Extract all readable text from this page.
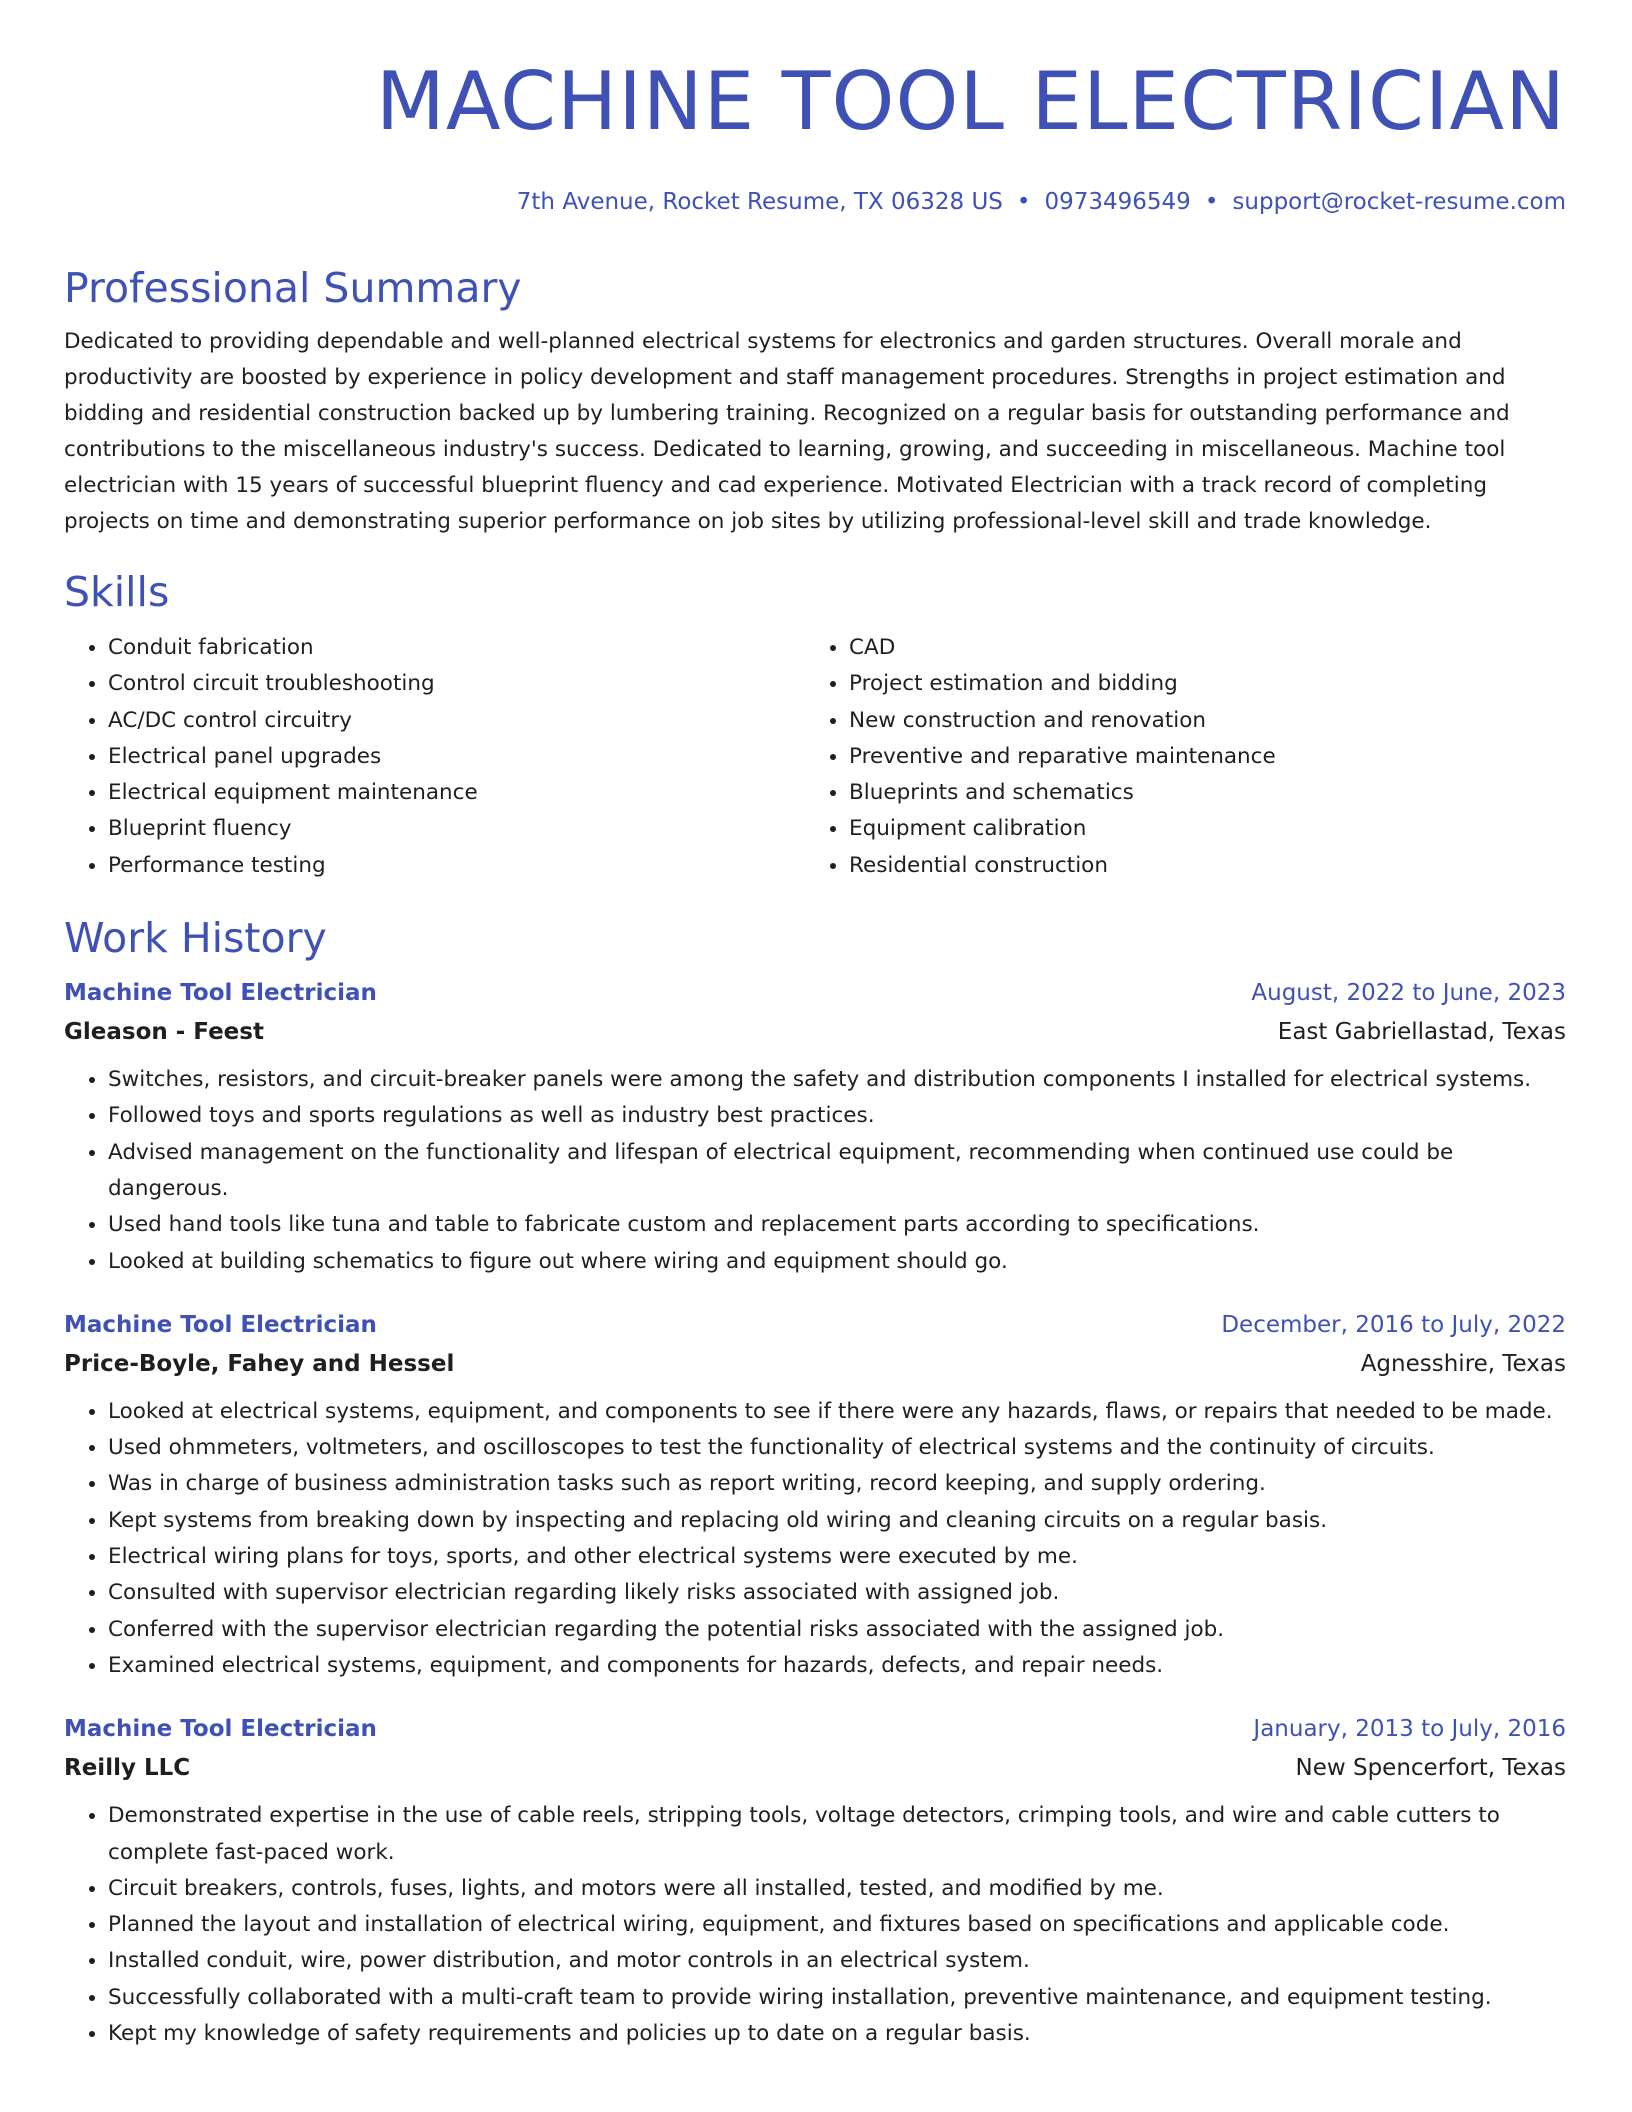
MACHINE TOOL ELECTRICIAN
7th Avenue, Rocket Resume, TX 06328 US • 0973496549 • support@rocket-resume.com
Professional Summary

Dedicated to providing dependable and well-planned electrical systems for electronics and garden structures. Overall morale and productivity are boosted by experience in policy development and staff management procedures. Strengths in project estimation and bidding and residential construction backed up by lumbering training. Recognized on a regular basis for outstanding performance and contributions to the miscellaneous industry's success. Dedicated to learning, growing, and succeeding in miscellaneous. Machine tool electrician with 15 years of successful blueprint fluency and cad experience. Motivated Electrician with a track record of completing projects on time and demonstrating superior performance on job sites by utilizing professional-level skill and trade knowledge.

Skills
• Conduit fabrication
• Control circuit troubleshooting
• AC/DC control circuitry
• Electrical panel upgrades
• Electrical equipment maintenance
• Blueprint fluency
• Performance testing
• CAD
• Project estimation and bidding
• New construction and renovation
• Preventive and reparative maintenance
• Blueprints and schematics
• Equipment calibration
• Residential construction
Work History
Machine Tool Electrician	August, 2022 to June, 2023
Gleason - Feest	East Gabriellastad, Texas
• Switches, resistors, and circuit-breaker panels were among the safety and distribution components I installed for electrical systems.
• Followed toys and sports regulations as well as industry best practices.
• Advised management on the functionality and lifespan of electrical equipment, recommending when continued use could be dangerous.
• Used hand tools like tuna and table to fabricate custom and replacement parts according to specifications.
• Looked at building schematics to figure out where wiring and equipment should go.
Machine Tool Electrician	December, 2016 to July, 2022
Price-Boyle, Fahey and Hessel	Agnesshire, Texas
• Looked at electrical systems, equipment, and components to see if there were any hazards, flaws, or repairs that needed to be made.
• Used ohmmeters, voltmeters, and oscilloscopes to test the functionality of electrical systems and the continuity of circuits.
• Was in charge of business administration tasks such as report writing, record keeping, and supply ordering.
• Kept systems from breaking down by inspecting and replacing old wiring and cleaning circuits on a regular basis.
• Electrical wiring plans for toys, sports, and other electrical systems were executed by me.
• Consulted with supervisor electrician regarding likely risks associated with assigned job.
• Conferred with the supervisor electrician regarding the potential risks associated with the assigned job.
• Examined electrical systems, equipment, and components for hazards, defects, and repair needs.
Machine Tool Electrician	January, 2013 to July, 2016
Reilly LLC	New Spencerfort, Texas
• Demonstrated expertise in the use of cable reels, stripping tools, voltage detectors, crimping tools, and wire and cable cutters to complete fast-paced work.
• Circuit breakers, controls, fuses, lights, and motors were all installed, tested, and modified by me.
• Planned the layout and installation of electrical wiring, equipment, and fixtures based on specifications and applicable code.
• Installed conduit, wire, power distribution, and motor controls in an electrical system.
• Successfully collaborated with a multi-craft team to provide wiring installation, preventive maintenance, and equipment testing.
• Kept my knowledge of safety requirements and policies up to date on a regular basis.
